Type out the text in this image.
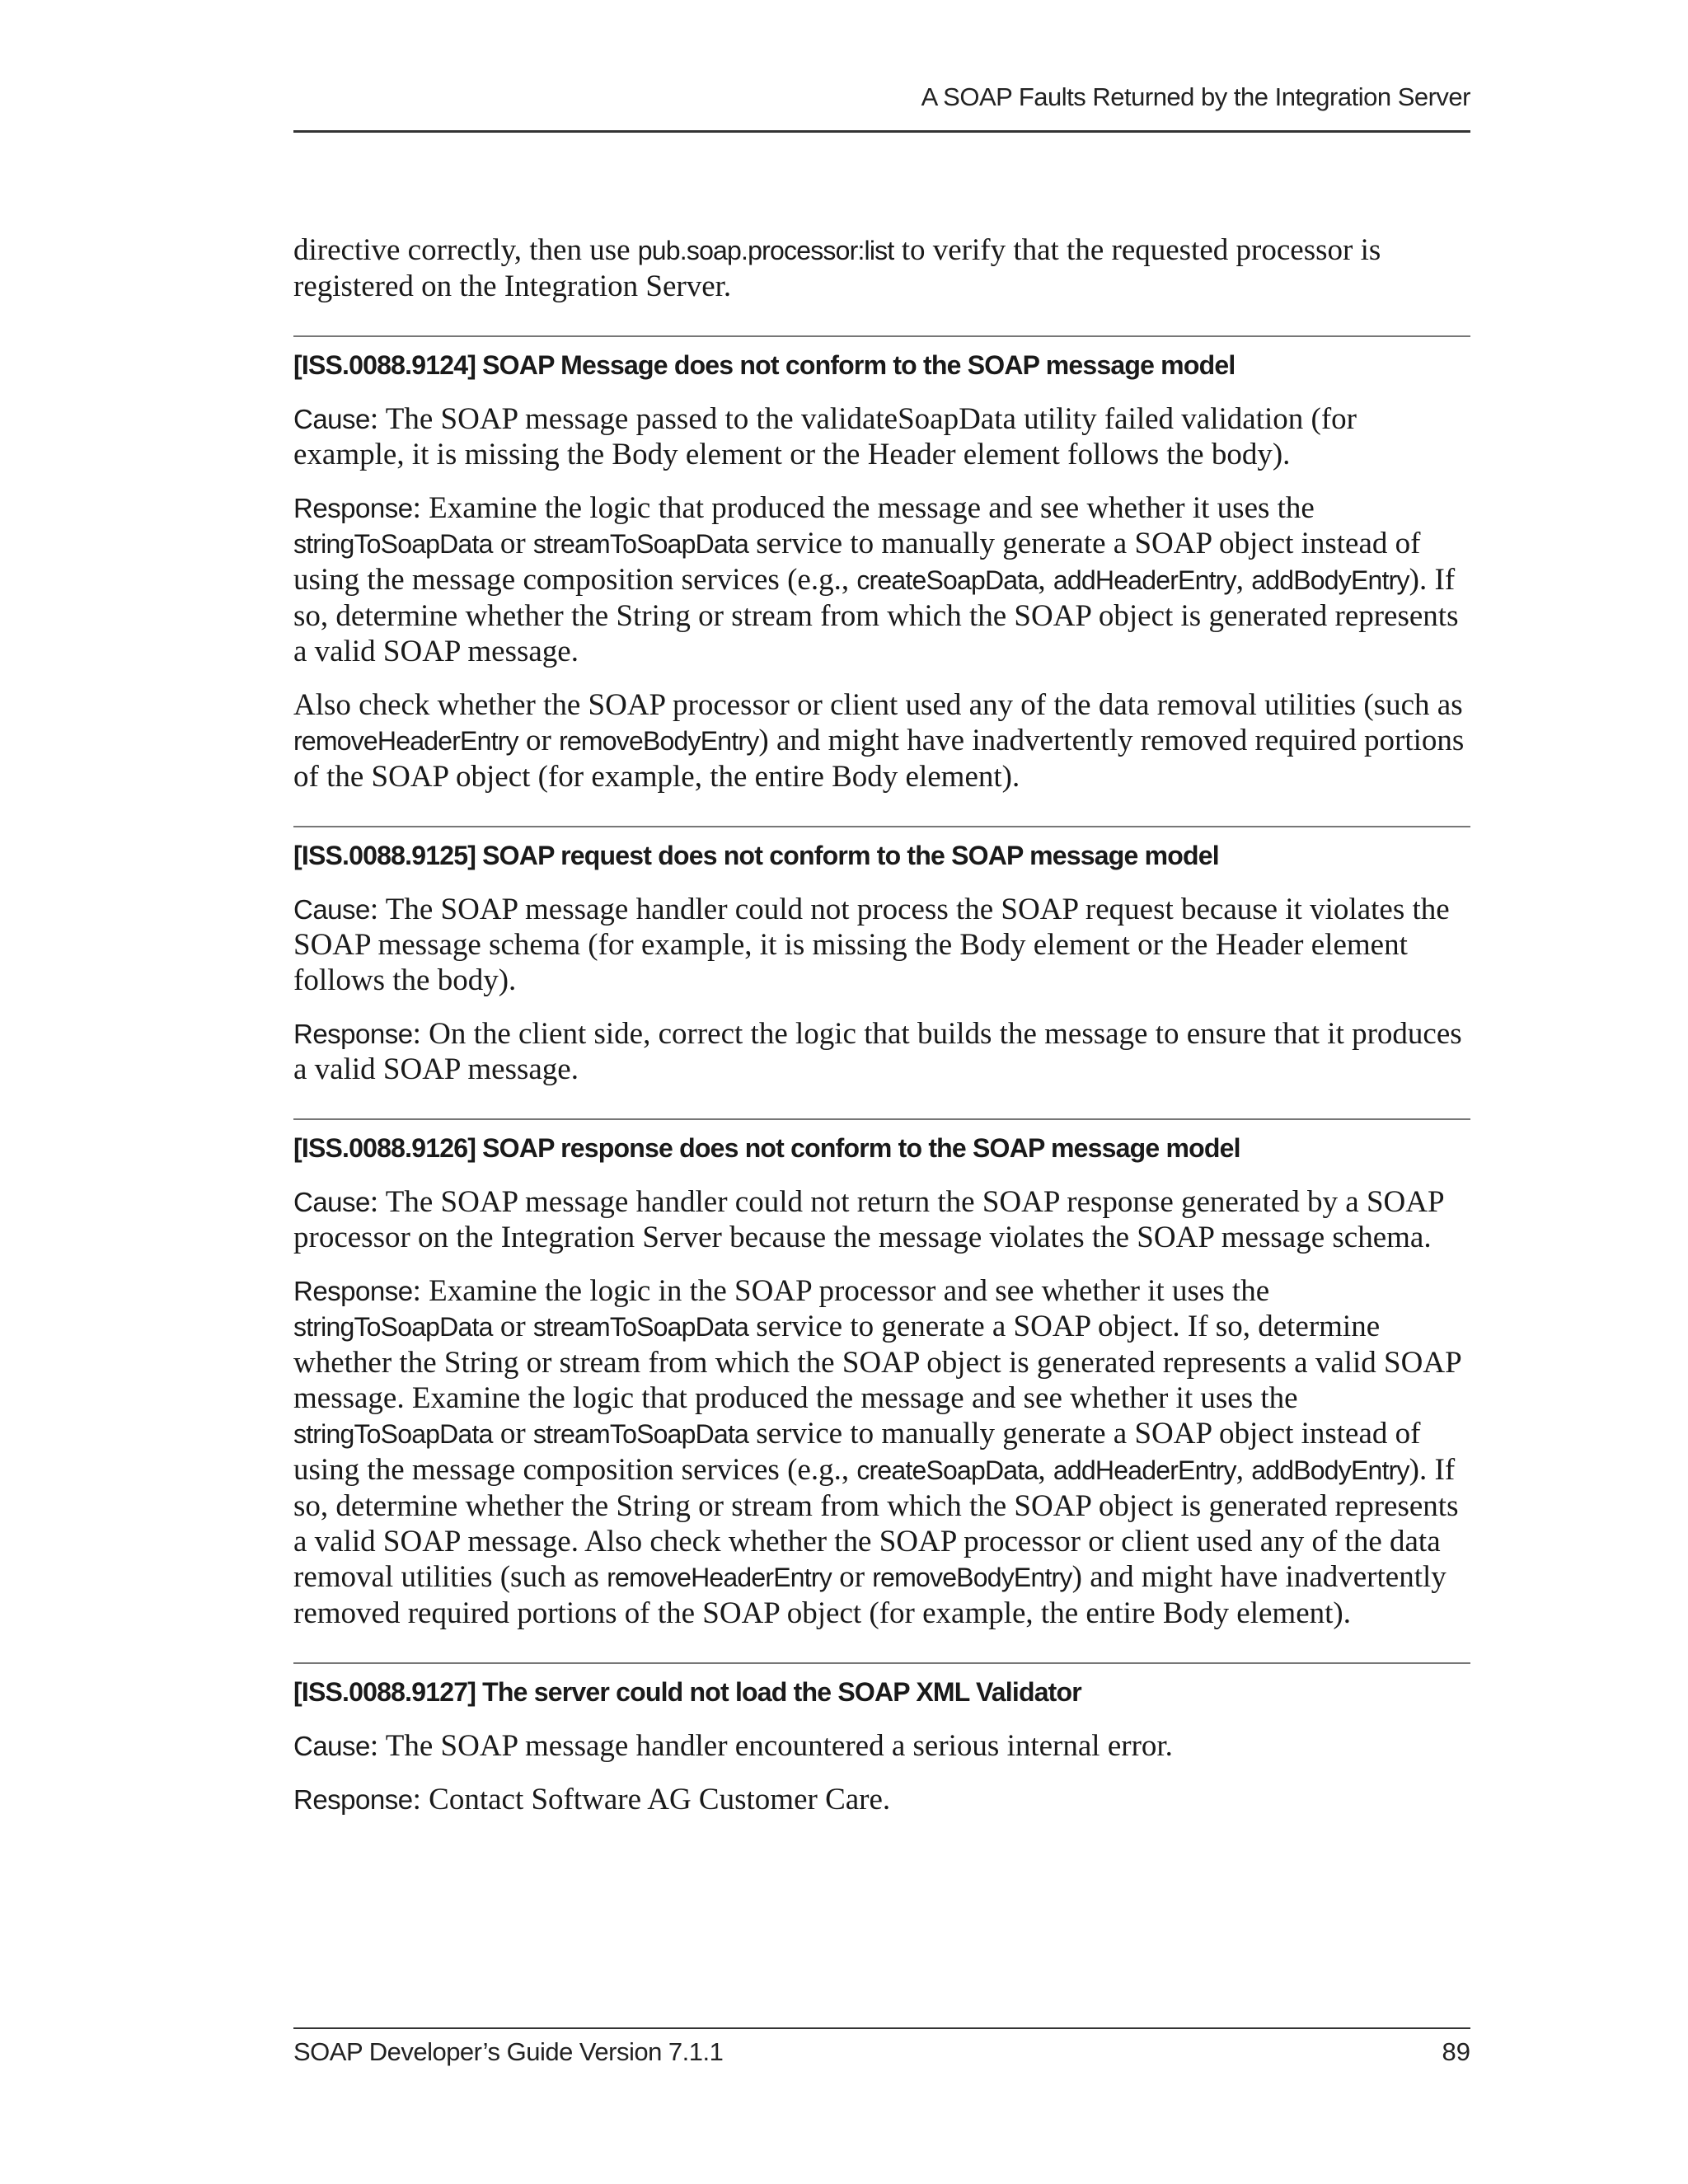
A SOAP Faults Returned by the Integration Server

directive correctly, then use pub.soap.processor:list to verify that the requested processor is registered on the Integration Server.

[ISS.0088.9124] SOAP Message does not conform to the SOAP message model

Cause: The SOAP message passed to the validateSoapData utility failed validation (for example, it is missing the Body element or the Header element follows the body).

Response: Examine the logic that produced the message and see whether it uses the stringToSoapData or streamToSoapData service to manually generate a SOAP object instead of using the message composition services (e.g., createSoapData, addHeaderEntry, addBodyEntry). If so, determine whether the String or stream from which the SOAP object is generated represents a valid SOAP message.

Also check whether the SOAP processor or client used any of the data removal utilities (such as removeHeaderEntry or removeBodyEntry) and might have inadvertently removed required portions of the SOAP object (for example, the entire Body element).

[ISS.0088.9125] SOAP request does not conform to the SOAP message model

Cause: The SOAP message handler could not process the SOAP request because it violates the SOAP message schema (for example, it is missing the Body element or the Header element follows the body).

Response: On the client side, correct the logic that builds the message to ensure that it produces a valid SOAP message.

[ISS.0088.9126] SOAP response does not conform to the SOAP message model

Cause: The SOAP message handler could not return the SOAP response generated by a SOAP processor on the Integration Server because the message violates the SOAP message schema.

Response: Examine the logic in the SOAP processor and see whether it uses the stringToSoapData or streamToSoapData service to generate a SOAP object. If so, determine whether the String or stream from which the SOAP object is generated represents a valid SOAP message. Examine the logic that produced the message and see whether it uses the stringToSoapData or streamToSoapData service to manually generate a SOAP object instead of using the message composition services (e.g., createSoapData, addHeaderEntry, addBodyEntry). If so, determine whether the String or stream from which the SOAP object is generated represents a valid SOAP message. Also check whether the SOAP processor or client used any of the data removal utilities (such as removeHeaderEntry or removeBodyEntry) and might have inadvertently removed required portions of the SOAP object (for example, the entire Body element).

[ISS.0088.9127] The server could not load the SOAP XML Validator

Cause: The SOAP message handler encountered a serious internal error.

Response: Contact Software AG Customer Care.

SOAP Developer’s Guide Version 7.1.1	89
